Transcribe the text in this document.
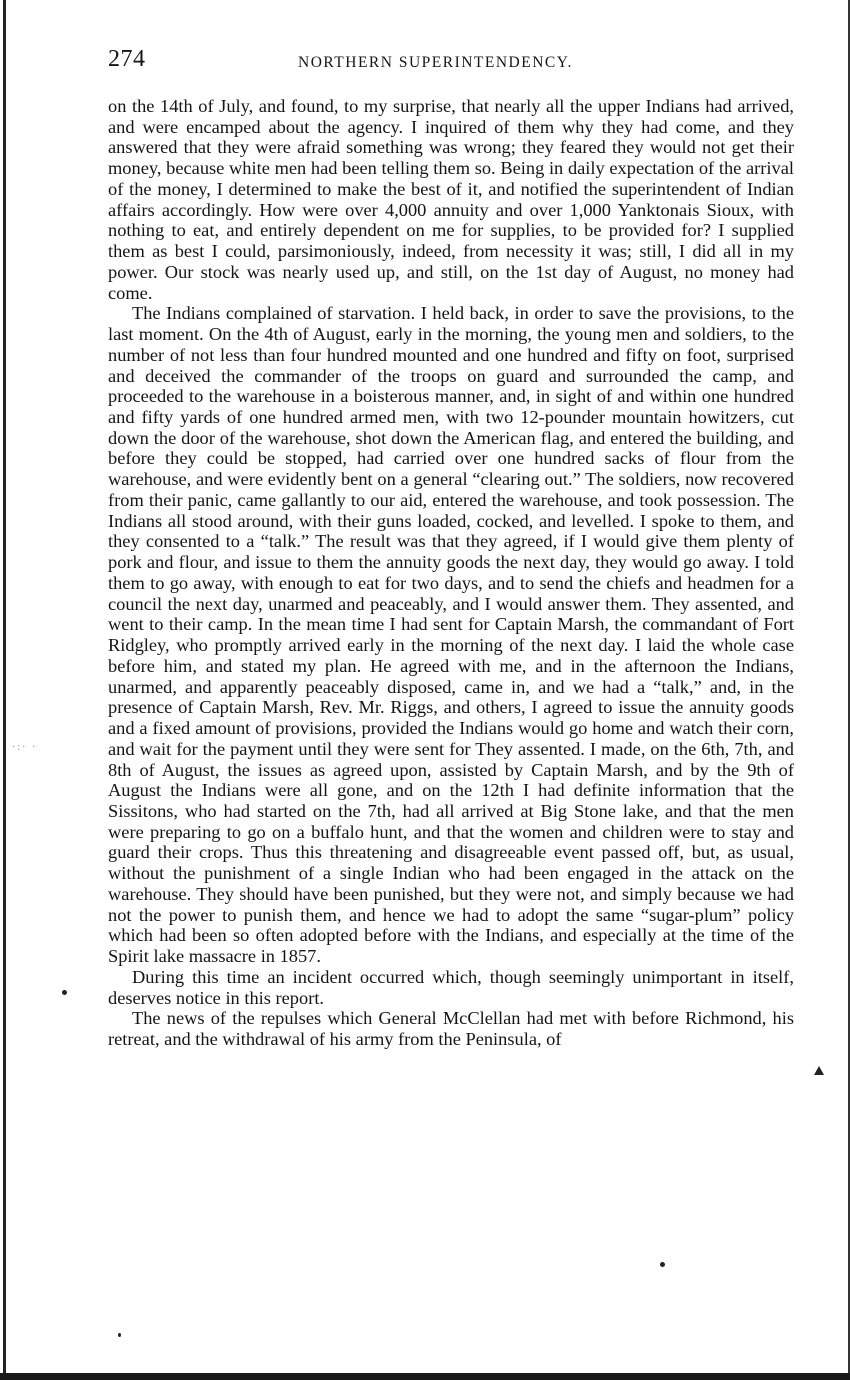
274	NORTHERN SUPERINTENDENCY.

on the 14th of July, and found, to my surprise, that nearly all the upper Indians had arrived, and were encamped about the agency. I inquired of them why they had come, and they answered that they were afraid something was wrong; they feared they would not get their money, because white men had been telling them so. Being in daily expectation of the arrival of the money, I determined to make the best of it, and notified the superintendent of Indian affairs accordingly. How were over 4,000 annuity and over 1,000 Yanktonais Sioux, with nothing to eat, and entirely dependent on me for supplies, to be provided for? I supplied them as best I could, parsimoniously, indeed, from necessity it was; still, I did all in my power. Our stock was nearly used up, and still, on the 1st day of August, no money had come.

The Indians complained of starvation. I held back, in order to save the provisions, to the last moment. On the 4th of August, early in the morning, the young men and soldiers, to the number of not less than four hundred mounted and one hundred and fifty on foot, surprised and deceived the commander of the troops on guard and surrounded the camp, and proceeded to the warehouse in a boisterous manner, and, in sight of and within one hundred and fifty yards of one hundred armed men, with two 12-pounder mountain howitzers, cut down the door of the warehouse, shot down the American flag, and entered the building, and before they could be stopped, had carried over one hundred sacks of flour from the warehouse, and were evidently bent on a general “clearing out.” The soldiers, now recovered from their panic, came gallantly to our aid, entered the warehouse, and took possession. The Indians all stood around, with their guns loaded, cocked, and levelled. I spoke to them, and they consented to a “talk.” The result was that they agreed, if I would give them plenty of pork and flour, and issue to them the annuity goods the next day, they would go away. I told them to go away, with enough to eat for two days, and to send the chiefs and headmen for a council the next day, unarmed and peaceably, and I would answer them. They assented, and went to their camp. In the mean time I had sent for Captain Marsh, the commandant of Fort Ridgley, who promptly arrived early in the morning of the next day. I laid the whole case before him, and stated my plan. He agreed with me, and in the afternoon the Indians, unarmed, and apparently peaceably disposed, came in, and we had a “talk,” and, in the presence of Captain Marsh, Rev. Mr. Riggs, and others, I agreed to issue the annuity goods and a fixed amount of provisions, provided the Indians would go home and watch their corn, and wait for the payment until they were sent for They assented. I made, on the 6th, 7th, and 8th of August, the issues as agreed upon, assisted by Captain Marsh, and by the 9th of August the Indians were all gone, and on the 12th I had definite information that the Sissitons, who had started on the 7th, had all arrived at Big Stone lake, and that the men were preparing to go on a buffalo hunt, and that the women and children were to stay and guard their crops. Thus this threatening and disagreeable event passed off, but, as usual, without the punishment of a single Indian who had been engaged in the attack on the warehouse. They should have been punished, but they were not, and simply because we had not the power to punish them, and hence we had to adopt the same “sugar-plum” policy which had been so often adopted before with the Indians, and especially at the time of the Spirit lake massacre in 1857.

During this time an incident occurred which, though seemingly unimportant in itself, deserves notice in this report.

The news of the repulses which General McClellan had met with before Richmond, his retreat, and the withdrawal of his army from the Peninsula, of

·:· ·
